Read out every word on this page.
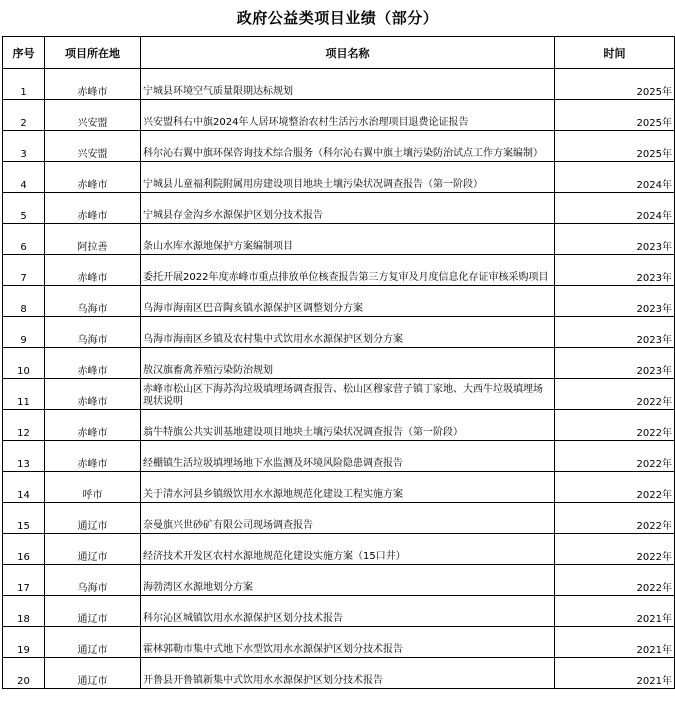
政府公益类项目业绩（部分）
序号	项目所在地	项目名称	时间
1	赤峰市	宁城县环境空气质量限期达标规划	2025年
2	兴安盟	兴安盟科右中旗2024年人居环境整治农村生活污水治理项目退费论证报告	2025年
3	兴安盟	科尔沁右翼中旗环保咨询技术综合服务（科尔沁右翼中旗土壤污染防治试点工作方案编制）	2025年
4	赤峰市	宁城县儿童福利院附属用房建设项目地块土壤污染状况调查报告（第一阶段）	2024年
5	赤峰市	宁城县存金沟乡水源保护区划分技术报告	2024年
6	阿拉善	条山水库水源地保护方案编制项目	2023年
7	赤峰市	委托开展2022年度赤峰市重点排放单位核查报告第三方复审及月度信息化存证审核采购项目	2023年
8	乌海市	乌海市海南区巴音陶亥镇水源保护区调整划分方案	2023年
9	乌海市	乌海市海南区乡镇及农村集中式饮用水水源保护区划分方案	2023年
10	赤峰市	敖汉旗畜禽养殖污染防治规划	2023年
11	赤峰市	赤峰市松山区下海苏沟垃圾填埋场调查报告、松山区穆家营子镇丁家地、大西牛垃圾填埋场现状说明	2022年
12	赤峰市	翁牛特旗公共实训基地建设项目地块土壤污染状况调查报告（第一阶段）	2022年
13	赤峰市	经棚镇生活垃圾填埋场地下水监测及环境风险隐患调查报告	2022年
14	呼市	关于清水河县乡镇级饮用水水源地规范化建设工程实施方案	2022年
15	通辽市	奈曼旗兴世砂矿有限公司现场调查报告	2022年
16	通辽市	经济技术开发区农村水源地规范化建设实施方案（15口井）	2022年
17	乌海市	海勃湾区水源地划分方案	2022年
18	通辽市	科尔沁区城镇饮用水水源保护区划分技术报告	2021年
19	通辽市	霍林郭勒市集中式地下水型饮用水水源保护区划分技术报告	2021年
20	通辽市	开鲁县开鲁镇新集中式饮用水水源保护区划分技术报告	2021年
